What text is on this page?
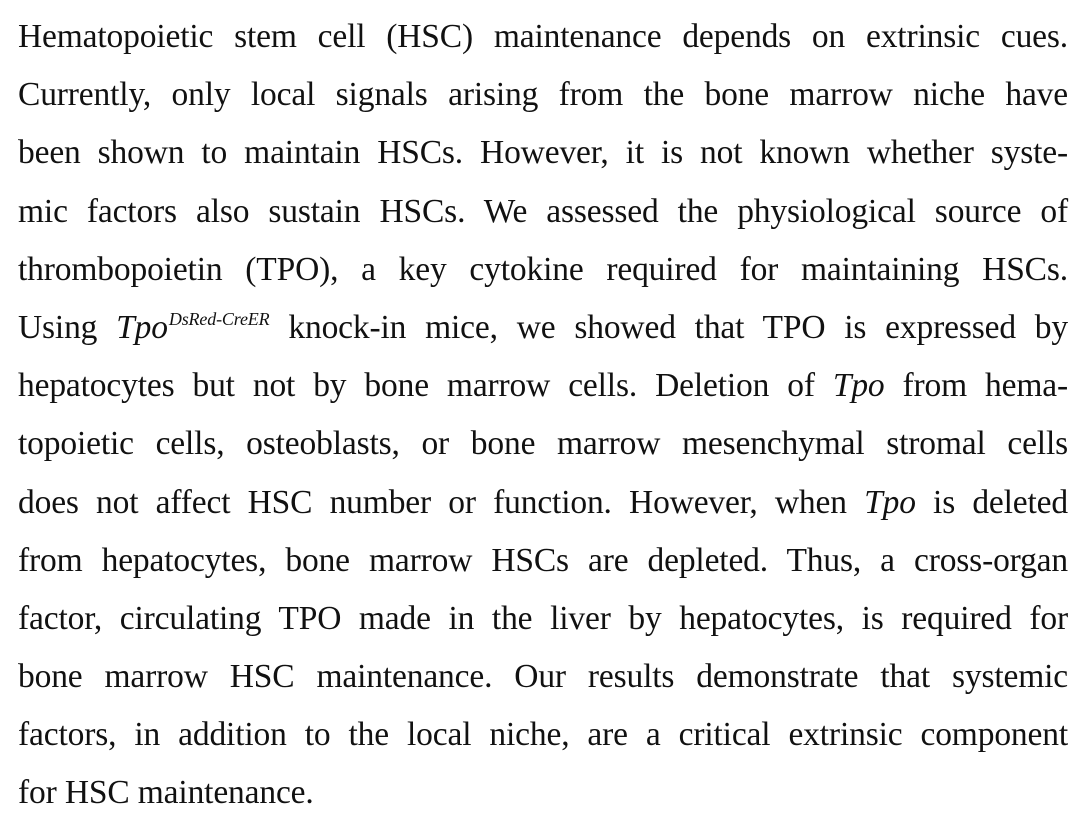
Hematopoietic stem cell (HSC) maintenance depends on extrinsic cues.
Currently, only local signals arising from the bone marrow niche have
been shown to maintain HSCs. However, it is not known whether syste-
mic factors also sustain HSCs. We assessed the physiological source of
thrombopoietin (TPO), a key cytokine required for maintaining HSCs.
Using Tpo$^{DsRed-CreER}$ knock-in mice, we showed that TPO is expressed by
hepatocytes but not by bone marrow cells. Deletion of Tpo from hema-
topoietic cells, osteoblasts, or bone marrow mesenchymal stromal cells
does not affect HSC number or function. However, when Tpo is deleted
from hepatocytes, bone marrow HSCs are depleted. Thus, a cross-organ
factor, circulating TPO made in the liver by hepatocytes, is required for
bone marrow HSC maintenance. Our results demonstrate that systemic
factors, in addition to the local niche, are a critical extrinsic component
for HSC maintenance.
